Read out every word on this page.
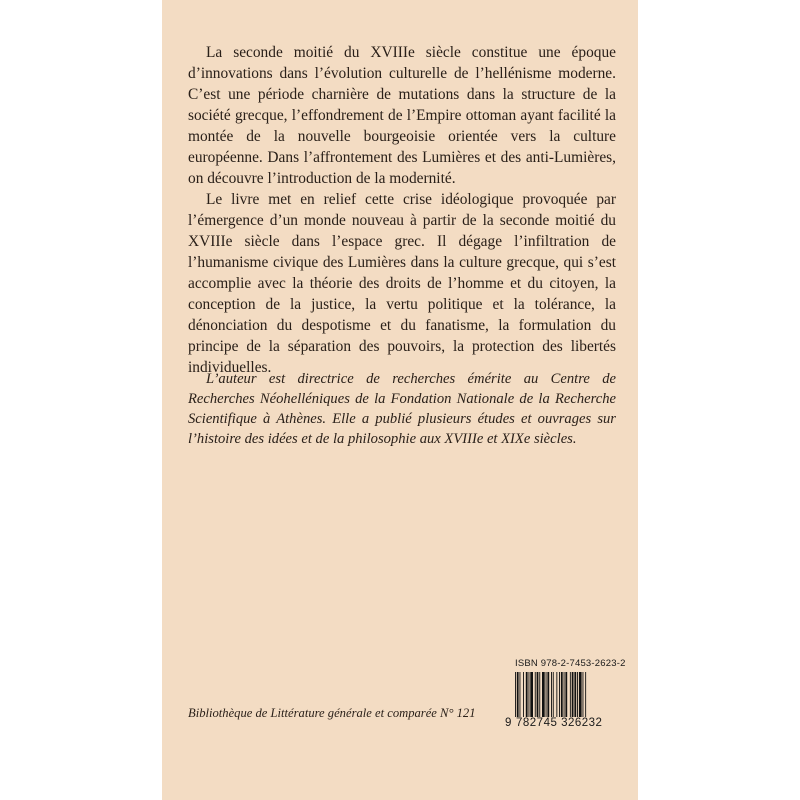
La seconde moitié du XVIIIe siècle constitue une époque d’innovations dans l’évolution culturelle de l’hellénisme moderne. C’est une période charnière de mutations dans la structure de la société grecque, l’effondrement de l’Empire ottoman ayant facilité la montée de la nouvelle bourgeoisie orientée vers la culture européenne. Dans l’affrontement des Lumières et des anti-Lumières, on découvre l’introduction de la modernité.

Le livre met en relief cette crise idéologique provoquée par l’émergence d’un monde nouveau à partir de la seconde moitié du XVIIIe siècle dans l’espace grec. Il dégage l’infiltration de l’humanisme civique des Lumières dans la culture grecque, qui s’est accomplie avec la théorie des droits de l’homme et du citoyen, la conception de la justice, la vertu politique et la tolérance, la dénonciation du despotisme et du fanatisme, la formulation du principe de la séparation des pouvoirs, la protection des libertés individuelles.

L’auteur est directrice de recherches émérite au Centre de Recherches Néohelléniques de la Fondation Nationale de la Recherche Scientifique à Athènes. Elle a publié plusieurs études et ouvrages sur l’histoire des idées et de la philosophie aux XVIIIe et XIXe siècles.

Bibliothèque de Littérature générale et comparée N° 121
ISBN 978-2-7453-2623-2
9 782745 326232
